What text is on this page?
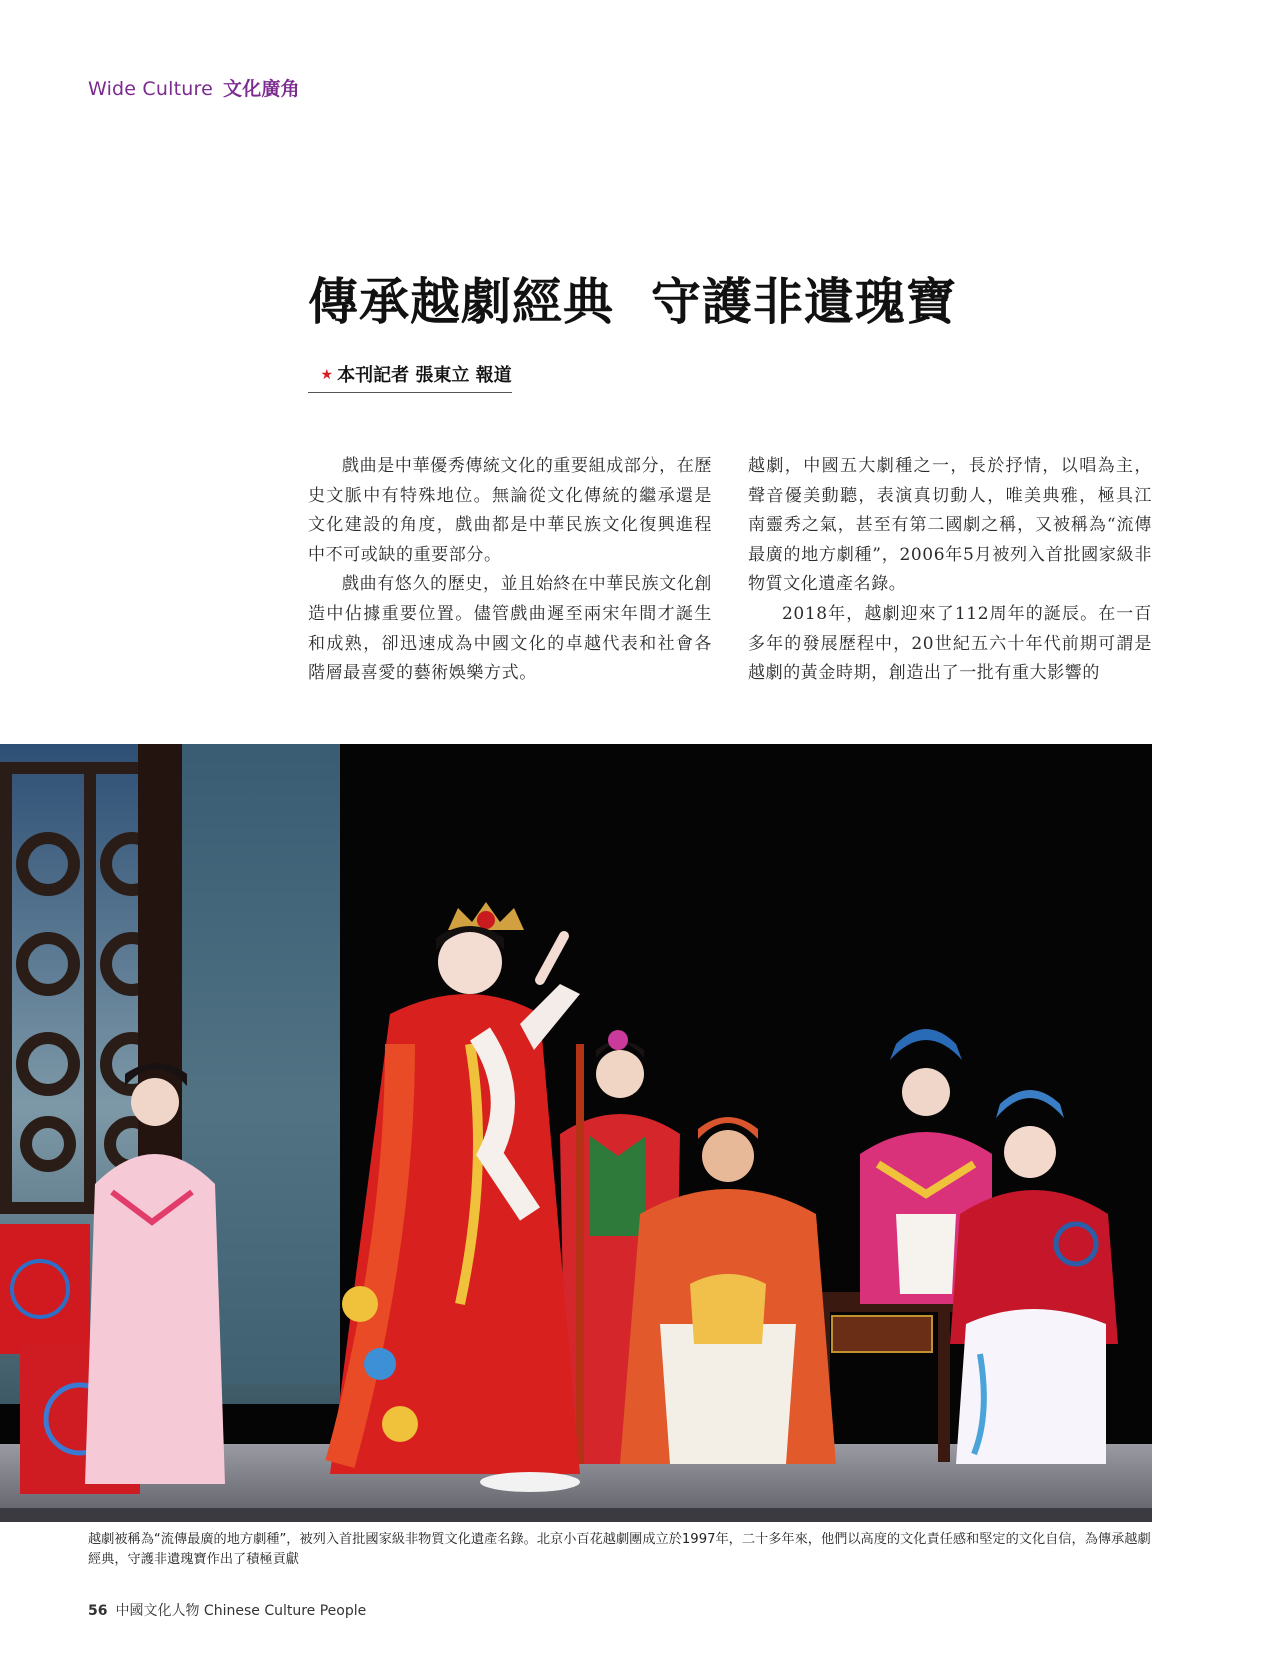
Wide Culture 文化廣角
傳承越劇經典  守護非遺瑰寶

★ 本刊記者 張東立 報道

戲曲是中華優秀傳統文化的重要組成部分，在歷史文脈中有特殊地位。無論從文化傳統的繼承還是文化建設的角度，戲曲都是中華民族文化復興進程中不可或缺的重要部分。

戲曲有悠久的歷史，並且始終在中華民族文化創造中佔據重要位置。儘管戲曲遲至兩宋年間才誕生和成熟，卻迅速成為中國文化的卓越代表和社會各階層最喜愛的藝術娛樂方式。

越劇，中國五大劇種之一，長於抒情，以唱為主，聲音優美動聽，表演真切動人，唯美典雅，極具江南靈秀之氣，甚至有第二國劇之稱，又被稱為“流傳最廣的地方劇種”，2006年5月被列入首批國家級非物質文化遺產名錄。

2018年，越劇迎來了112周年的誕辰。在一百多年的發展歷程中，20世紀五六十年代前期可謂是越劇的黃金時期，創造出了一批有重大影響的

越劇被稱為“流傳最廣的地方劇種”，被列入首批國家級非物質文化遺產名錄。北京小百花越劇團成立於1997年，二十多年來，他們以高度的文化責任感和堅定的文化自信，為傳承越劇經典，守護非遺瑰寶作出了積極貢獻
56 中國文化人物 Chinese Culture People
